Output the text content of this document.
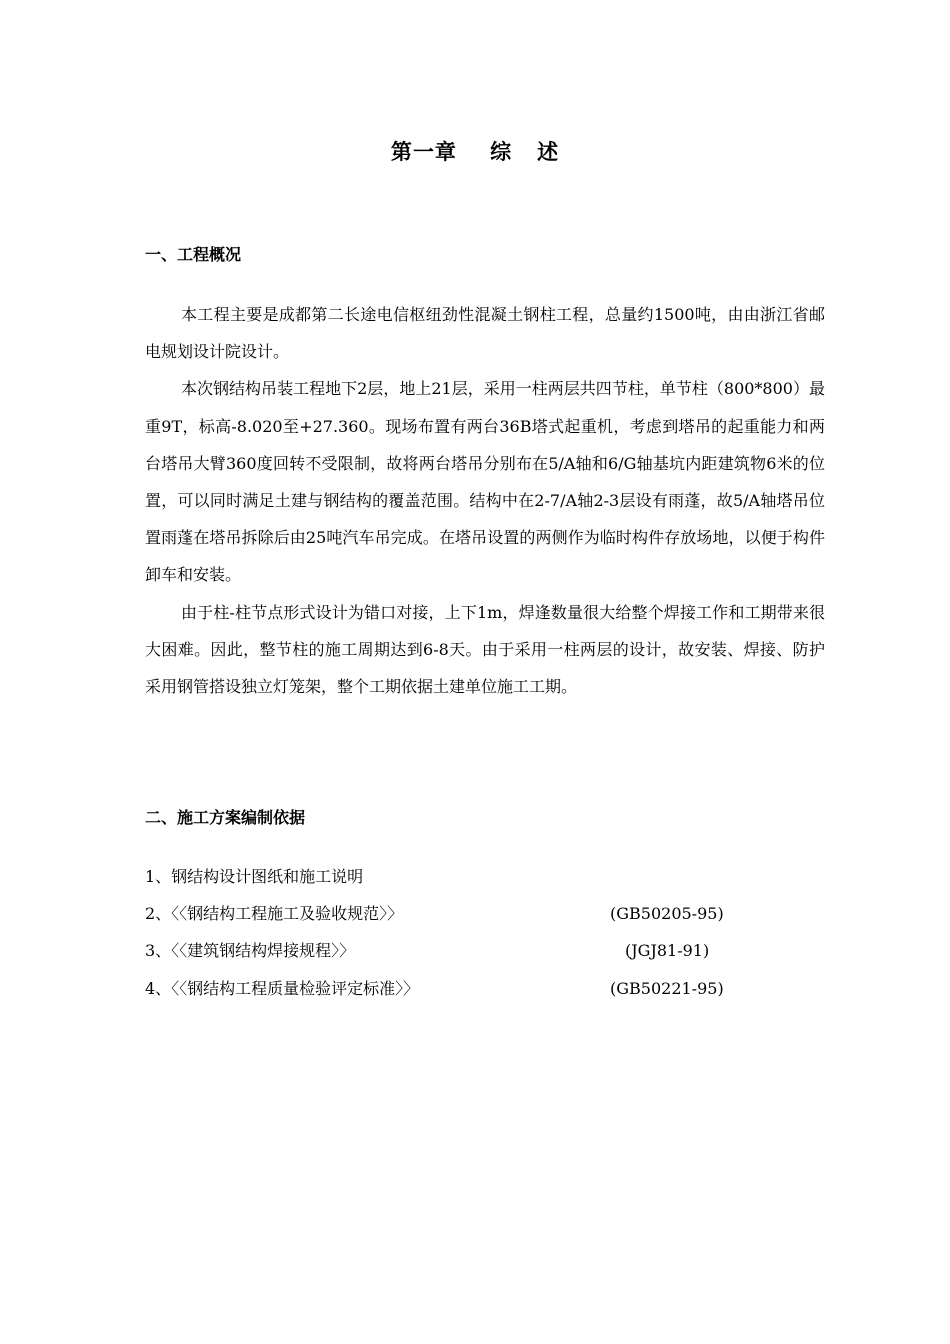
第一章    综   述
一、工程概况

本工程主要是成都第二长途电信枢纽劲性混凝土钢柱工程，总量约1500吨，由由浙江省邮电规划设计院设计。

本次钢结构吊装工程地下2层，地上21层，采用一柱两层共四节柱，单节柱（800*800）最重9T，标高-8.020至+27.360。现场布置有两台36B塔式起重机，考虑到塔吊的起重能力和两台塔吊大臂360度回转不受限制，故将两台塔吊分别布在5/A轴和6/G轴基坑内距建筑物6米的位置，可以同时满足土建与钢结构的覆盖范围。结构中在2-7/A轴2-3层设有雨蓬，故5/A轴塔吊位置雨蓬在塔吊拆除后由25吨汽车吊完成。在塔吊设置的两侧作为临时构件存放场地，以便于构件卸车和安装。

由于柱-柱节点形式设计为错口对接，上下1m，焊逢数量很大给整个焊接工作和工期带来很大困难。因此，整节柱的施工周期达到6-8天。由于采用一柱两层的设计，故安装、焊接、防护采用钢管搭设独立灯笼架，整个工期依据土建单位施工工期。

二、施工方案编制依据
1、钢结构设计图纸和施工说明
2、〈〈钢结构工程施工及验收规范〉〉	(GB50205-95)
3、〈〈建筑钢结构焊接规程〉〉	(JGJ81-91)
4、〈〈钢结构工程质量检验评定标准〉〉	(GB50221-95)
